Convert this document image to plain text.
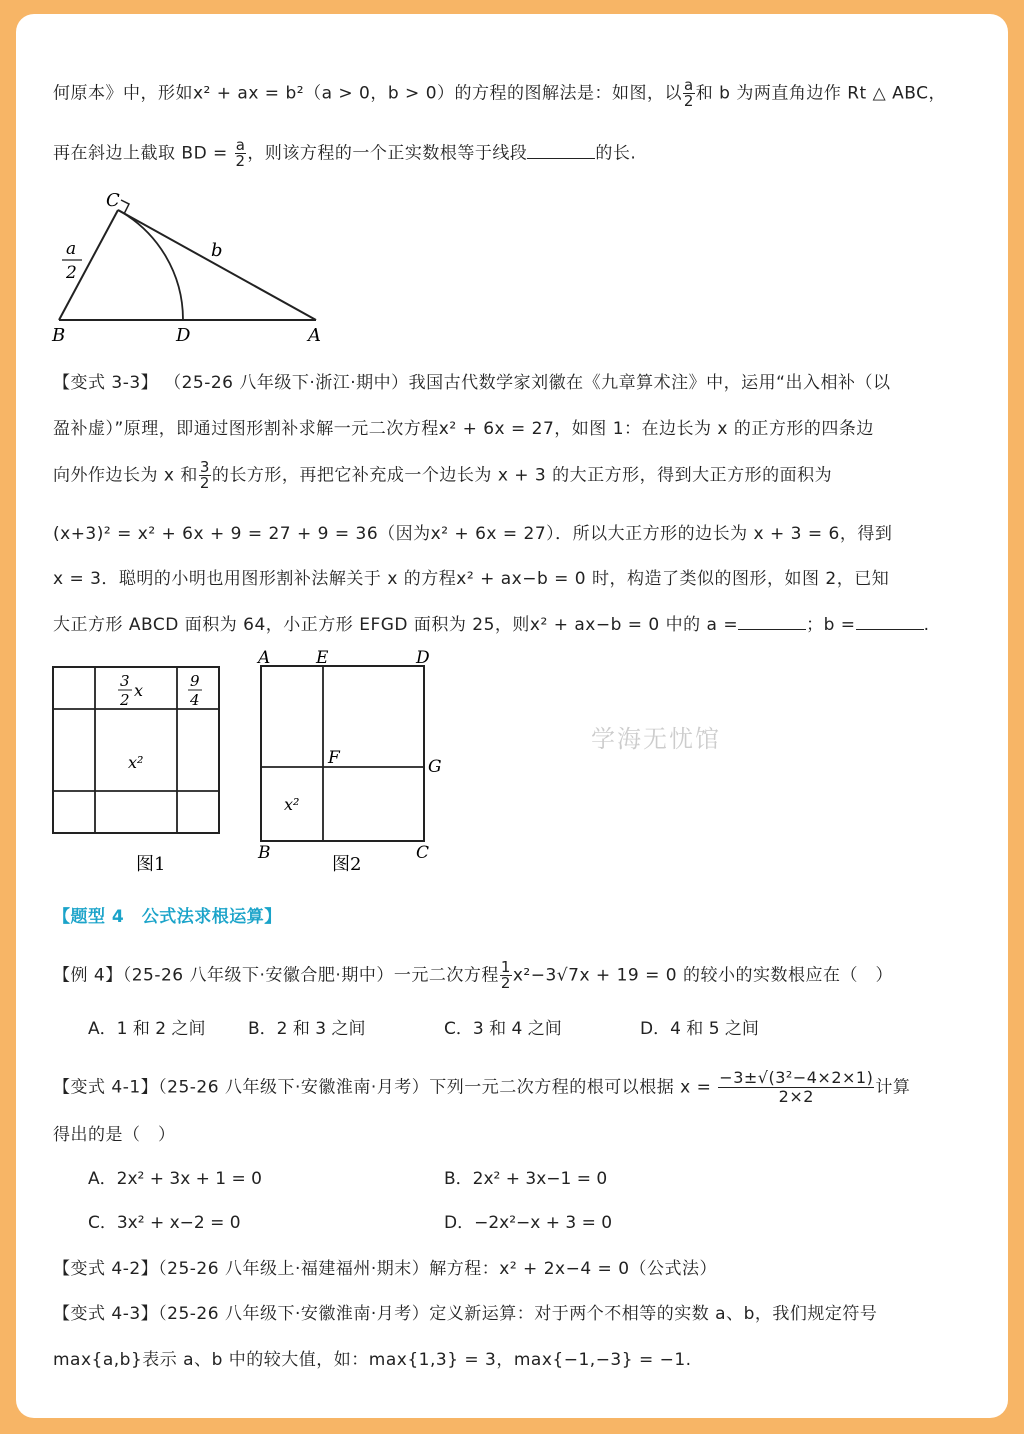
何原本》中，形如x² + ax = b²（a > 0，b > 0）的方程的图解法是：如图，以 $\frac{a}{2}$ 和 b 为两直角边作 Rt △ ABC，
再在斜边上截取 BD = $\frac{a}{2}$ ，则该方程的一个正实数根等于线段	的长.
C
B	D	A
b
a
2
【变式 3-3】 （25-26 八年级下·浙江·期中）我国古代数学家刘徽在《九章算术注》中，运用“出入相补（以
盈补虚）”原理，即通过图形割补求解一元二次方程x² + 6x = 27，如图 1：在边长为 x 的正方形的四条边
向外作边长为 x 和 $\frac{3}{2}$ 的长方形，再把它补充成一个边长为 x + 3 的大正方形，得到大正方形的面积为
(x+3)² = x² + 6x + 9 = 27 + 9 = 36（因为x² + 6x = 27）．所以大正方形的边长为 x + 3 = 6，得到
x = 3．聪明的小明也用图形割补法解关于 x 的方程x² + ax−b = 0 时，构造了类似的图形，如图 2，已知
大正方形 ABCD 面积为 64，小正方形 EFGD 面积为 25，则x² + ax−b = 0 中的 a =	；b =	.
3
2 x	9
4
x²
图1
A	E	D
F	G
B	C
x²
图2
学海无忧馆
【题型 4　公式法求根运算】
【例 4】（25-26 八年级下·安徽合肥·期中）一元二次方程 $\frac{1}{2} x^2-3√7x + 19 = 0$ 的较小的实数根应在（　）
A．1 和 2 之间	B．2 和 3 之间	C．3 和 4 之间	D．4 和 5 之间
【变式 4-1】（25-26 八年级下·安徽淮南·月考）下列一元二次方程的根可以根据 $x = \frac{\text{−3±√(3²−4×2×1)}}{2\times 2}$ 计算
得出的是（　）
A．2x² + 3x + 1 = 0	B．2x² + 3x−1 = 0
C．3x² + x−2 = 0	D．−2x²−x + 3 = 0
【变式 4-2】（25-26 八年级上·福建福州·期末）解方程：x² + 2x−4 = 0（公式法）
【变式 4-3】（25-26 八年级下·安徽淮南·月考）定义新运算：对于两个不相等的实数 a、b，我们规定符号
max{a,b}表示 a、b 中的较大值，如：max{1,3} = 3，max{−1,−3} = −1.
